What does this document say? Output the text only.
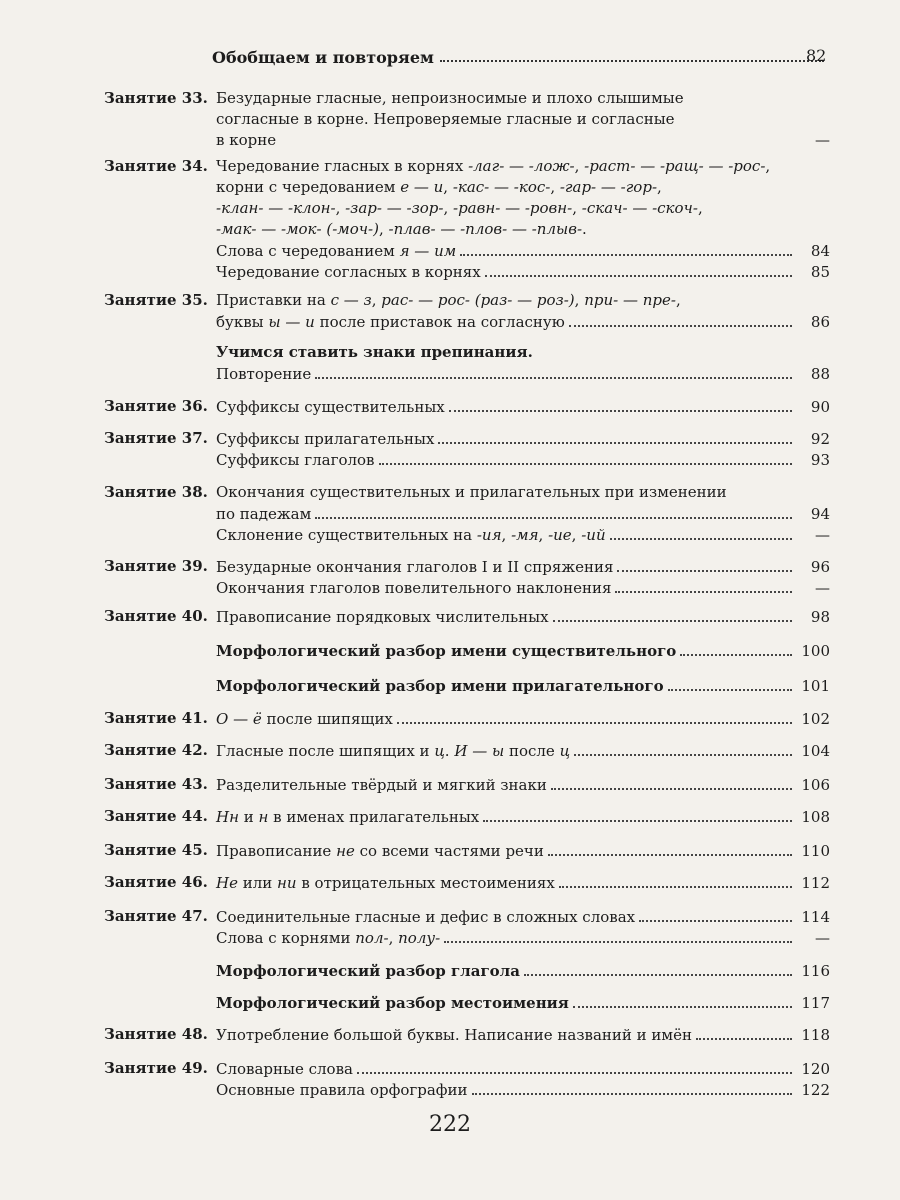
Обобщаем и повторяем	82
Занятие 33. Безударные гласные, непроизносимые и плохо слышимые
согласные в корне. Непроверяемые гласные и согласные
в корне	—
Занятие 34. Чередование гласных в корнях -лаг- — -лож-, -раст- — -ращ- — -рос-,
корни с чередованием е — и, -кас- — -кос-, -гар- — -гор-,
-клан- — -клон-, -зар- — -зор-, -равн- — -ровн-, -скач- — -скоч-,
-мак- — -мок- (-моч-), -плав- — -плов- — -плыв-.
Слова с чередованием я — им	84
Чередование согласных в корнях	85
Занятие 35. Приставки на с — з, рас- — рос- (раз- — роз-), при- — пре-,
буквы ы — и после приставок на согласную	86
Учимся ставить знаки препинания.
Повторение	88
Занятие 36. Суффиксы существительных	90
Занятие 37. Суффиксы прилагательных	92
Суффиксы глаголов	93
Занятие 38. Окончания существительных и прилагательных при изменении
по падежам	94
Склонение существительных на -ия, -мя, -ие, -ий	—
Занятие 39. Безударные окончания глаголов I и II спряжения	96
Окончания глаголов повелительного наклонения	—
Занятие 40. Правописание порядковых числительных	98
Морфологический разбор имени существительного	100
Морфологический разбор имени прилагательного	101
Занятие 41. О — ё после шипящих	102
Занятие 42. Гласные после шипящих и ц. И — ы после ц	104
Занятие 43. Разделительные твёрдый и мягкий знаки	106
Занятие 44. Нн и н в именах прилагательных	108
Занятие 45. Правописание не со всеми частями речи	110
Занятие 46. Не или ни в отрицательных местоимениях	112
Занятие 47. Соединительные гласные и дефис в сложных словах	114
Слова с корнями пол-, полу-	—
Морфологический разбор глагола	116
Морфологический разбор местоимения	117
Занятие 48. Употребление большой буквы. Написание названий и имён	118
Занятие 49. Словарные слова	120
Основные правила орфографии	122
222
